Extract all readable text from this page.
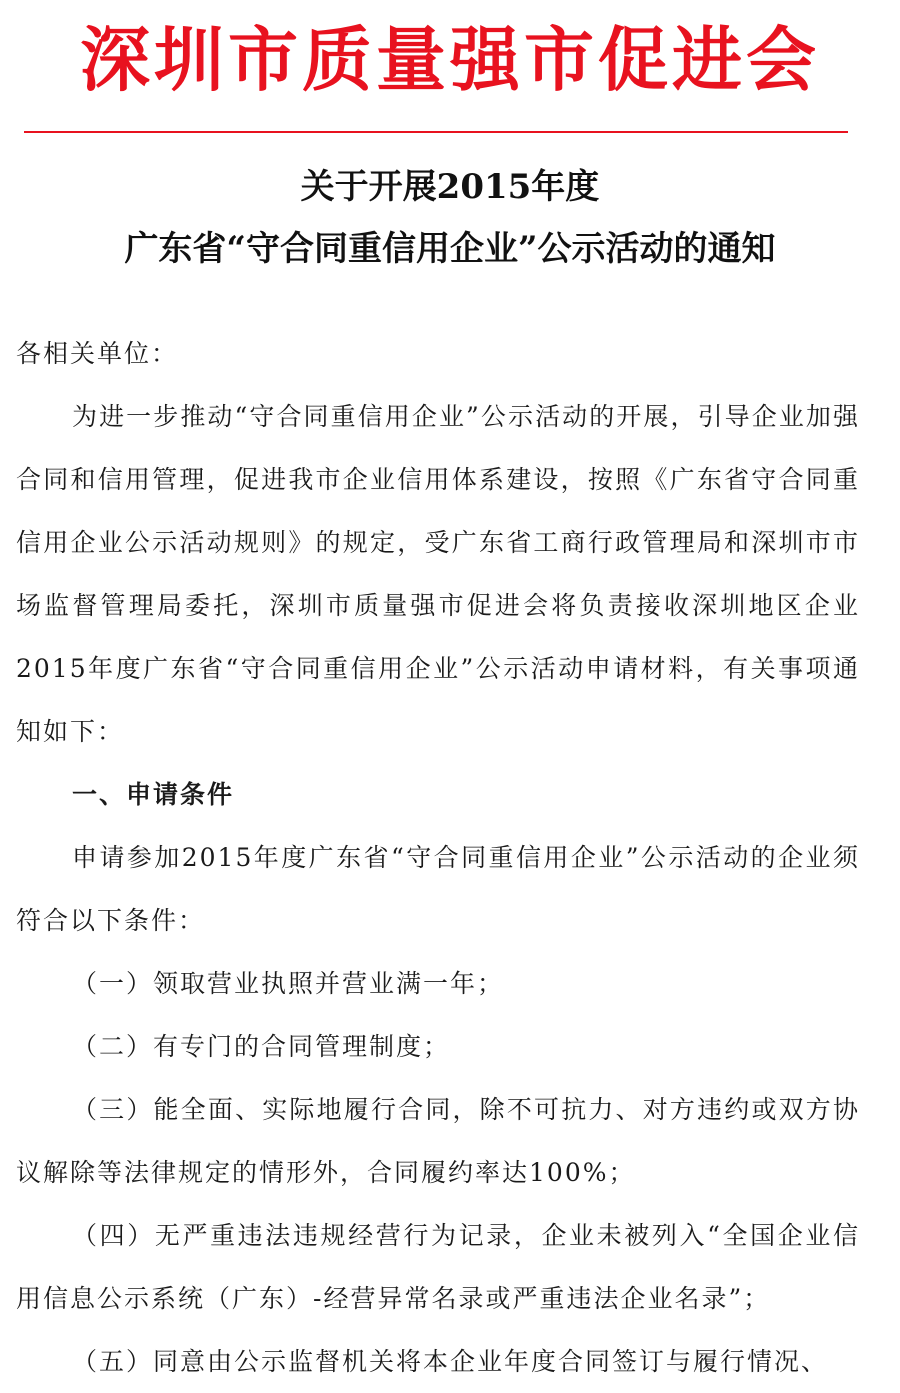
深圳市质量强市促进会
关于开展2015年度
广东省“守合同重信用企业”公示活动的通知

各相关单位：

为进一步推动“守合同重信用企业”公示活动的开展，引导企业加强合同和信用管理，促进我市企业信用体系建设，按照《广东省守合同重信用企业公示活动规则》的规定，受广东省工商行政管理局和深圳市市场监督管理局委托，深圳市质量强市促进会将负责接收深圳地区企业2015年度广东省“守合同重信用企业”公示活动申请材料，有关事项通知如下：

一、申请条件

申请参加2015年度广东省“守合同重信用企业”公示活动的企业须符合以下条件：

（一）领取营业执照并营业满一年；

（二）有专门的合同管理制度；

（三）能全面、实际地履行合同，除不可抗力、对方违约或双方协议解除等法律规定的情形外，合同履约率达100%；

（四）无严重违法违规经营行为记录，企业未被列入“全国企业信用信息公示系统（广东）-经营异常名录或严重违法企业名录”；

（五）同意由公示监督机关将本企业年度合同签订与履行情况、
